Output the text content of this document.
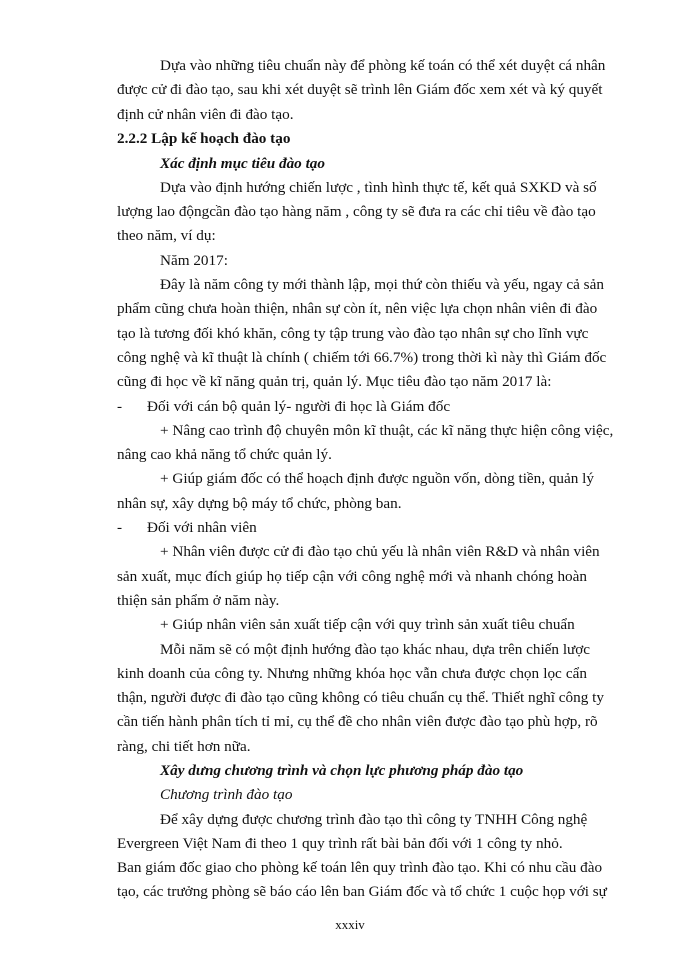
Dựa vào những tiêu chuẩn này để phòng kế toán có thể xét duyệt cá nhân
được cử đi đào tạo, sau khi xét duyệt sẽ trình lên Giám đốc xem xét và ký quyết
định cử nhân viên đi đào tạo.
2.2.2 Lập kế hoạch đào tạo
Xác định mục tiêu đào tạo
Dựa vào định hướng chiến lược , tình hình thực tế, kết quả SXKD và số
lượng lao độngcần đào tạo hàng năm , công ty sẽ đưa ra các chỉ tiêu về đào tạo
theo năm, ví dụ:
Năm 2017:
Đây là năm công ty mới thành lập, mọi thứ còn thiếu và yếu, ngay cả sản
phẩm cũng chưa hoàn thiện, nhân sự còn ít, nên việc lựa chọn nhân viên đi đào
tạo là tương đối khó khăn, công ty tập trung vào đào tạo nhân sự cho lĩnh vực
công nghệ và kĩ thuật là chính ( chiếm tới 66.7%) trong thời kì này thì Giám đốc
cũng đi học về kĩ năng quản trị, quản lý. Mục tiêu đào tạo năm 2017 là:
-	Đối với cán bộ quản lý- người đi học là Giám đốc
+ Nâng cao trình độ chuyên môn kĩ thuật, các kĩ năng thực hiện công việc,
nâng cao khả năng tổ chức quản lý.
+ Giúp giám đốc có thể hoạch định được nguồn vốn, dòng tiền, quản lý
nhân sự, xây dựng bộ máy tổ chức, phòng ban.
-	Đối với nhân viên
+ Nhân viên được cử đi đào tạo chủ yếu là nhân viên R&D và nhân viên
sản xuất, mục đích giúp họ tiếp cận với công nghệ mới và nhanh chóng hoàn
thiện sản phẩm ở năm này.
+ Giúp nhân viên sản xuất tiếp cận với quy trình sản xuất tiêu chuẩn
Mỗi năm sẽ có một định hướng đào tạo khác nhau, dựa trên chiến lược
kinh doanh của công ty. Nhưng những khóa học vẫn chưa được chọn lọc cẩn
thận, người được đi đào tạo cũng không có tiêu chuẩn cụ thể. Thiết nghĩ công ty
cần tiến hành phân tích tỉ mỉ, cụ thể đề cho nhân viên được đào tạo phù hợp, rõ
ràng, chi tiết hơn nữa.
Xây dưng chương trình và chọn lực phương pháp đào tạo
Chương trình đào tạo
Để xây dựng được chương trình đào tạo thì công ty TNHH Công nghệ
Evergreen Việt Nam đi theo 1 quy trình rất bài bản đối với 1 công ty nhỏ.
Ban giám đốc giao cho phòng kế toán lên quy trình đào tạo. Khi có nhu cầu đào
tạo, các trưởng phòng sẽ báo cáo lên ban Giám đốc và tổ chức 1 cuộc họp với sự
xxxiv
